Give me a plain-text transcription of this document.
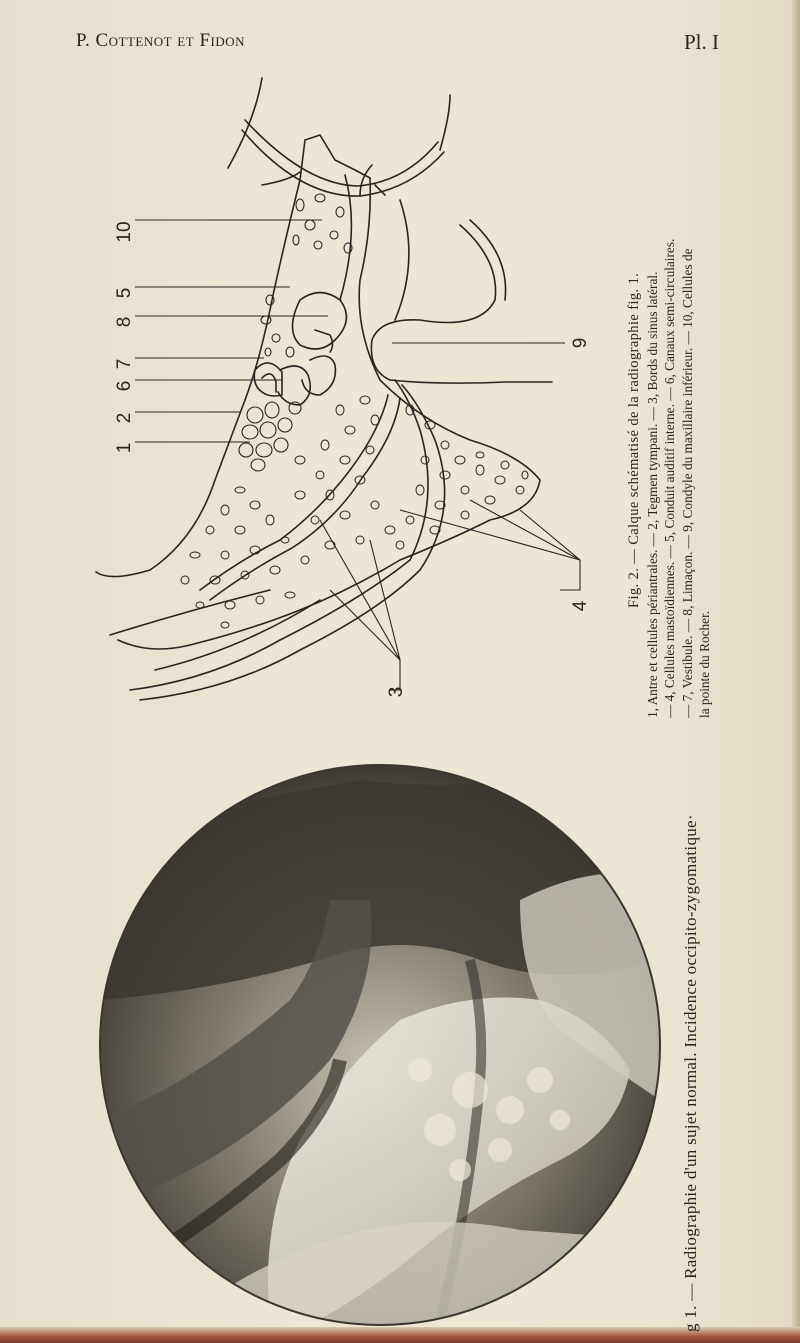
P. Cottenot et Fidon	Pl. I
10
5
8
7
6
2
1
9
3
4 Fig. 2. — Calque schématisé de la radiographie fig. 1. 1, Antre et cellules périantrales. — 2, Tegmen tympani. — 3, Bords du sinus latéral. — 4, Cellules mastoïdiennes. — 5, Conduit auditif interne. — 6, Canaux semi-circulaires. — 7, Vestibule. — 8, Limaçon. — 9, Condyle du maxillaire inférieur. — 10, Cellules de la pointe du Rocher.
g 1. — Radiographie d'un sujet normal. Incidence occipito-zygomatique·
